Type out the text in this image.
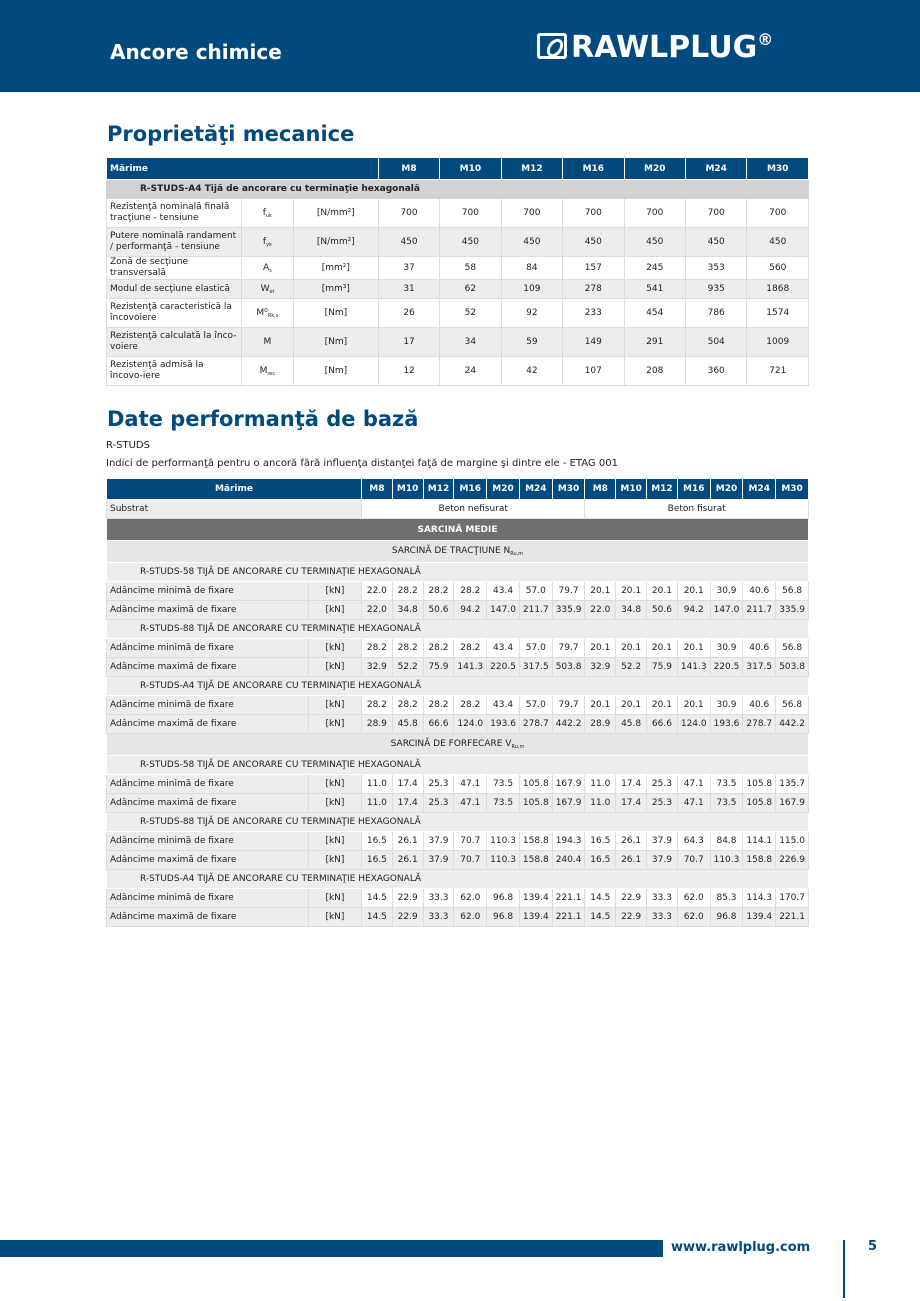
Ancore chimice	RAWLPLUG®
Proprietăţi mecanice
Mărime			M8	M10	M12	M16	M20	M24	M30
R-STUDS-A4 Tijă de ancorare cu terminaţie hexagonală									
Rezistenţă nominală finală tracţiune - tensiune	$f_{uk}$	[N/mm²]	700	700	700	700	700	700	700
Putere nominală randament / performanţă - tensiune	$f_{yk}$	[N/mm²]	450	450	450	450	450	450	450
Zonă de secţiune transversală	$A_s$	[mm²]	37	58	84	157	245	353	560
Modul de secţiune elastică	$W_{el}$	[mm³]	31	62	109	278	541	935	1868
Rezistenţă caracteristică la încovoiere	$M^0_{Rk,s}$	[Nm]	26	52	92	233	454	786	1574
Rezistenţă calculată la înco-voiere	M	[Nm]	17	34	59	149	291	504	1009
Rezistenţă admisă la încovo-iere	$M_{rec}$	[Nm]	12	24	42	107	208	360	721
Date performanţă de bază
R-STUDS
Indici de performanţă pentru o ancoră fără influenţa distanţei faţă de margine şi dintre ele - ETAG 001
Mărime		M8	M10	M12	M16	M20	M24	M30	M8	M10	M12	M16	M20	M24	M30
Substrat		Beton nefisurat							Beton fisurat						
SARCINĂ MEDIE															
SARCINĂ DE TRACŢIUNE $N_{Ru,m}$
R-STUDS-58 TIJĂ DE ANCORARE CU TERMINAŢIE HEXAGONALĂ															
Adâncime minimă de fixare	[kN]	22.0	28.2	28.2	28.2	43.4	57.0	79.7	20.1	20.1	20.1	20.1	30.9	40.6	56.8
Adâncime maximă de fixare	[kN]	22.0	34.8	50.6	94.2	147.0	211.7	335.9	22.0	34.8	50.6	94.2	147.0	211.7	335.9
R-STUDS-88 TIJĂ DE ANCORARE CU TERMINAŢIE HEXAGONALĂ															
Adâncime minimă de fixare	[kN]	28.2	28.2	28.2	28.2	43.4	57.0	79.7	20.1	20.1	20.1	20.1	30.9	40.6	56.8
Adâncime maximă de fixare	[kN]	32.9	52.2	75.9	141.3	220.5	317.5	503.8	32.9	52.2	75.9	141.3	220.5	317.5	503.8
R-STUDS-A4 TIJĂ DE ANCORARE CU TERMINAŢIE HEXAGONALĂ															
Adâncime minimă de fixare	[kN]	28.2	28.2	28.2	28.2	43.4	57.0	79.7	20.1	20.1	20.1	20.1	30.9	40.6	56.8
Adâncime maximă de fixare	[kN]	28.9	45.8	66.6	124.0	193.6	278.7	442.2	28.9	45.8	66.6	124.0	193.6	278.7	442.2
SARCINĂ DE FORFECARE $V_{Ru,m}$
R-STUDS-58 TIJĂ DE ANCORARE CU TERMINAŢIE HEXAGONALĂ															
Adâncime minimă de fixare	[kN]	11.0	17.4	25.3	47.1	73.5	105.8	167.9	11.0	17.4	25.3	47.1	73.5	105.8	135.7
Adâncime maximă de fixare	[kN]	11.0	17.4	25.3	47.1	73.5	105.8	167.9	11.0	17.4	25.3	47.1	73.5	105.8	167.9
R-STUDS-88 TIJĂ DE ANCORARE CU TERMINAŢIE HEXAGONALĂ															
Adâncime minimă de fixare	[kN]	16.5	26.1	37.9	70.7	110.3	158.8	194.3	16.5	26.1	37.9	64.3	84.8	114.1	115.0
Adâncime maximă de fixare	[kN]	16.5	26.1	37.9	70.7	110.3	158.8	240.4	16.5	26.1	37.9	70.7	110.3	158.8	226.9
R-STUDS-A4 TIJĂ DE ANCORARE CU TERMINAŢIE HEXAGONALĂ															
Adâncime minimă de fixare	[kN]	14.5	22.9	33.3	62.0	96.8	139.4	221.1	14.5	22.9	33.3	62.0	85.3	114.3	170.7
Adâncime maximă de fixare	[kN]	14.5	22.9	33.3	62.0	96.8	139.4	221.1	14.5	22.9	33.3	62.0	96.8	139.4	221.1
www.rawlplug.com	5
